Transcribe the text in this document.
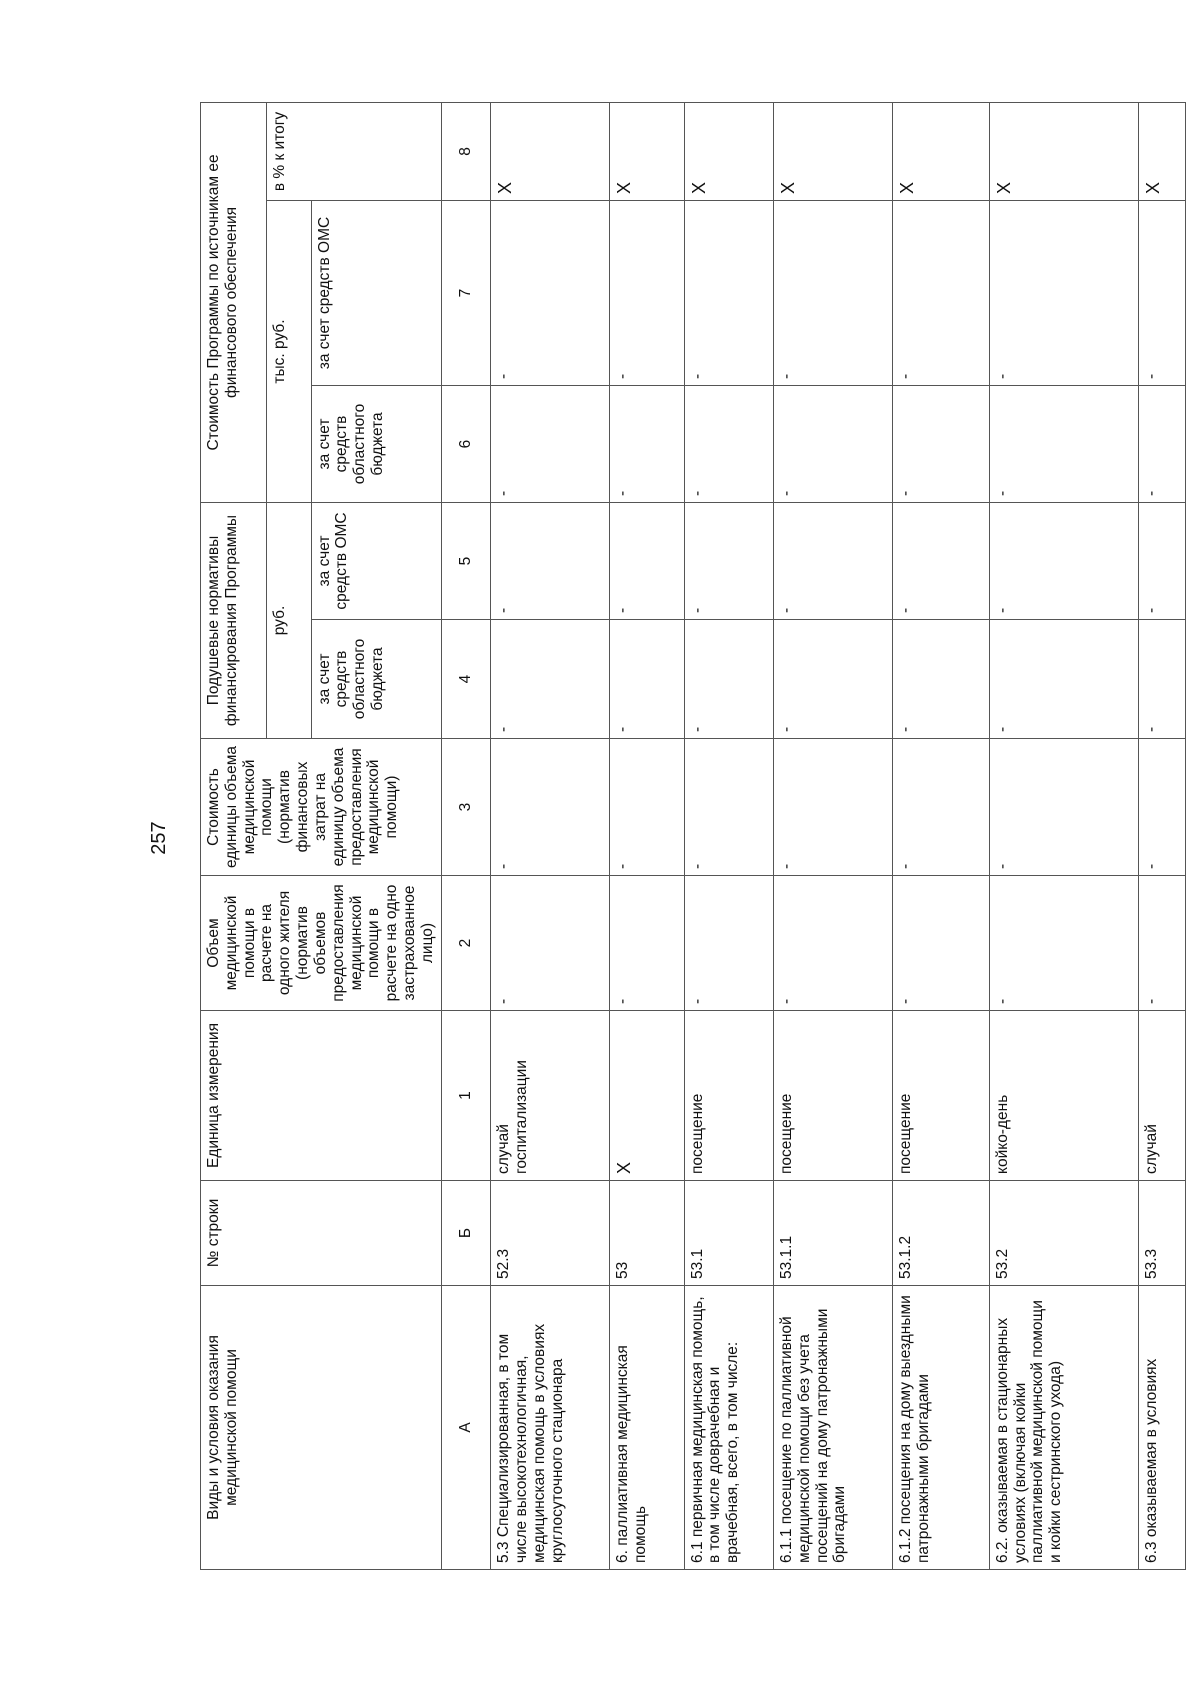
257
Виды и условия оказания медицинской помощи	№ строки	Единица измерения	Объем медицинской помощи в расчете на одного жителя (норматив объемов предоставления медицинской помощи в расчете на одно застрахованное лицо)	Стоимость единицы объема медицинской помощи (норматив финансовых затрат на единицу объема предоставления медицинской помощи)	Подушевые нормативы финансирования Программы		Стоимость Программы по источникам ее финансового обеспечения		
					руб.		тыс. руб.		в % к итогу
					за счет средств областного бюджета	за счет средств ОМС	за счет средств областного бюджета	за счет средств ОМС	
А	Б	1	2	3	4	5	6	7	8
5.3 Специализированная, в том числе высокотехнологичная, медицинская помощь в условиях круглосуточного стационара	52.3	случай госпитализации	-	-	-	-	-	-	Х
6. паллиативная медицинская помощь	53	Х	-	-	-	-	-	-	Х
6.1 первичная медицинская помощь, в том числе доврачебная и врачебная, всего, в том числе:	53.1	посещение	-	-	-	-	-	-	Х
6.1.1 посещение по паллиативной медицинской помощи без учета посещений на дому патронажными бригадами	53.1.1	посещение	-	-	-	-	-	-	Х
6.1.2 посещения на дому выездными патронажными бригадами	53.1.2	посещение	-	-	-	-	-	-	Х
6.2. оказываемая в стационарных условиях (включая койки паллиативной медицинской помощи и койки сестринского ухода)	53.2	койко-день	-	-	-	-	-	-	Х
6.3 оказываемая в условиях	53.3	случай	-	-	-	-	-	-	Х
